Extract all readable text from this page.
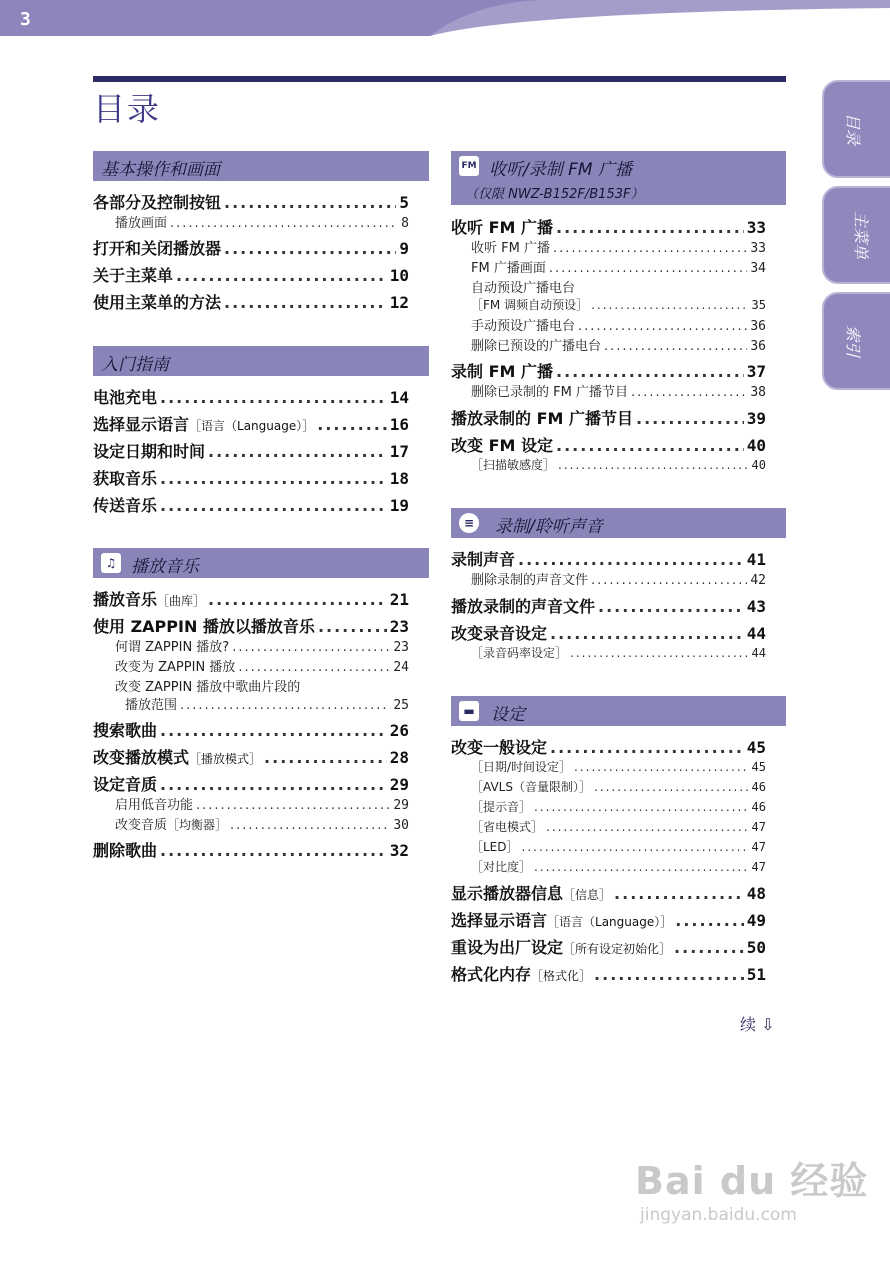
3
目录
目录
主菜单
索引
基本操作和画面
各部分及控制按钮 .....	5
播放画面 .....	8
打开和关闭播放器 .....	9
关于主菜单 .....	10
使用主菜单的方法 .....	12
入门指南
电池充电 .....	14
选择显示语言［语言（Language）］ .....	16
设定日期和时间 .....	17
获取音乐 .....	18
传送音乐 .....	19
♫ 播放音乐
播放音乐［曲库］ .....	21
使用 ZAPPIN 播放以播放音乐 .....	23
何谓 ZAPPIN 播放? .....	23
改变为 ZAPPIN 播放 .....	24
改变 ZAPPIN 播放中歌曲片段的
播放范围 .....	25
搜索歌曲 .....	26
改变播放模式［播放模式］ .....	28
设定音质 .....	29
启用低音功能 .....	29
改变音质［均衡器］ .....	30
删除歌曲 .....	32
FM 收听/录制 FM 广播
（仅限 NWZ-B152F/B153F）
收听 FM 广播 .....	33
收听 FM 广播 .....	33
FM 广播画面 .....	34
自动预设广播电台
［FM 调频自动预设］ .....	35
手动预设广播电台 .....	36
删除已预设的广播电台 .....	36
录制 FM 广播 .....	37
删除已录制的 FM 广播节目 .....	38
播放录制的 FM 广播节目 .....	39
改变 FM 设定 .....	40
［扫描敏感度］ .....	40
≡ 录制/聆听声音
录制声音 .....	41
删除录制的声音文件 .....	42
播放录制的声音文件 .....	43
改变录音设定 .....	44
［录音码率设定］ .....	44
▬ 设定
改变一般设定 .....	45
［日期/时间设定］ .....	45
［AVLS（音量限制）］ .....	46
［提示音］ .....	46
［省电模式］ .....	47
［LED］ .....	47
［对比度］ .....	47
显示播放器信息［信息］ .....	48
选择显示语言［语言（Language）］ .....	49
重设为出厂设定［所有设定初始化］ .....	50
格式化内存［格式化］ .....	51
续 ⇩
Bai du 经验
jingyan.baidu.com
